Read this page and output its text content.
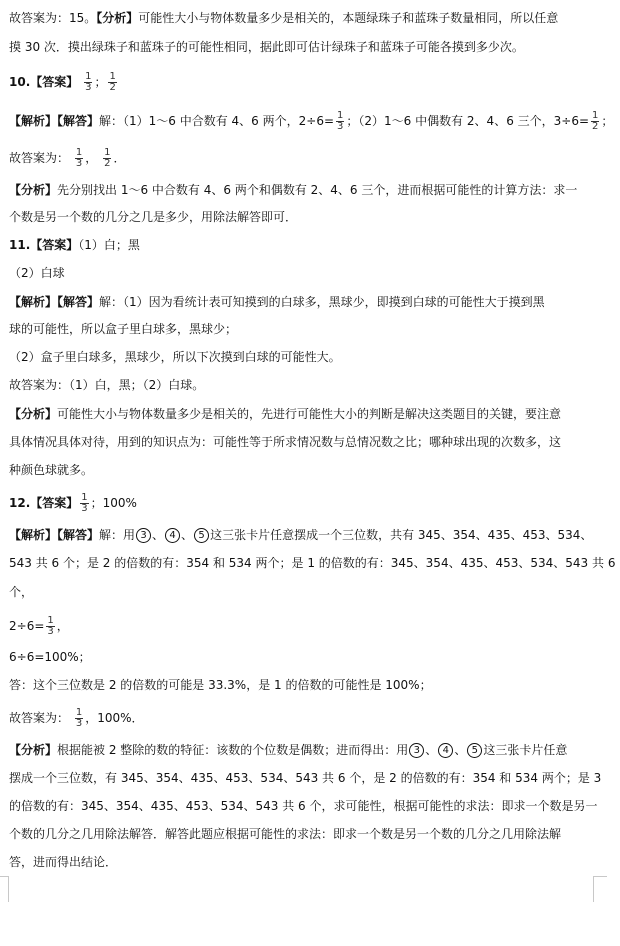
故答案为：15。【分析】可能性大小与物体数量多少是相关的，本题绿珠子和蓝珠子数量相同，所以任意
摸 30 次．摸出绿珠子和蓝珠子的可能性相同，据此即可估计绿珠子和蓝珠子可能各摸到多少次。
10.【答案】 $\frac{1}{3}$ ； $\frac{1}{2}$
【解析】【解答】解：（1）1～6 中合数有 4、6 两个，$2\div 6= \frac{1}{3}$ ；（2）1～6 中偶数有 2、4、6 三个，$3\div 6= \frac{1}{2}$ ；
故答案为： $\frac{1}{3}$ ， $\frac{1}{2}$ ．
【分析】先分别找出 1～6 中合数有 4、6 两个和偶数有 2、4、6 三个，进而根据可能性的计算方法：求一
个数是另一个数的几分之几是多少，用除法解答即可．
11.【答案】（1）白；黑
（2）白球
【解析】【解答】解：（1）因为看统计表可知摸到的白球多，黑球少，即摸到白球的可能性大于摸到黑
球的可能性，所以盒子里白球多，黑球少；
（2）盒子里白球多，黑球少，所以下次摸到白球的可能性大。
故答案为：（1）白，黑；（2）白球。
【分析】可能性大小与物体数量多少是相关的，先进行可能性大小的判断是解决这类题目的关键，要注意
具体情况具体对待，用到的知识点为：可能性等于所求情况数与总情况数之比；哪种球出现的次数多，这
种颜色球就多。
12.【答案】 $\frac{1}{3}$ ；100%
【解析】【解答】解：用 3 、 4 、 5 这三张卡片任意摆成一个三位数，共有 345、354、435、453、534、
543 共 6 个；是 2 的倍数的有：354 和 534 两个；是 1 的倍数的有：345、354、435、453、534、543 共 6
个，
$2\div 6= \frac{1}{3}$ ，
6÷6=100%；
答：这个三位数是 2 的倍数的可能是 33.3%，是 1 的倍数的可能性是 100%；
故答案为： $\frac{1}{3}$ ，100%．
【分析】根据能被 2 整除的数的特征：该数的个位数是偶数；进而得出：用 3 、 4 、 5 这三张卡片任意
摆成一个三位数，有 345、354、435、453、534、543 共 6 个，是 2 的倍数的有：354 和 534 两个；是 3
的倍数的有：345、354、435、453、534、543 共 6 个，求可能性，根据可能性的求法：即求一个数是另一
个数的几分之几用除法解答．解答此题应根据可能性的求法：即求一个数是另一个数的几分之几用除法解
答，进而得出结论．
